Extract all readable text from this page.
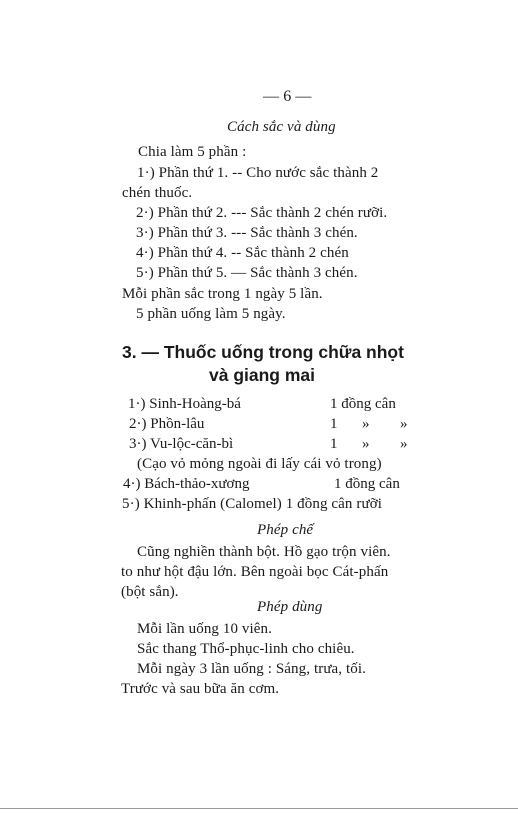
— 6 —
Cách sắc và dùng
Chia làm 5 phần :
1·) Phần thứ 1. -- Cho nước sắc thành 2
chén thuốc.
2·) Phần thứ 2. --- Sắc thành 2 chén rưỡi.
3·) Phần thứ 3. --- Sắc thành 3 chén.
4·) Phần thứ 4. -- Sắc thành 2 chén
5·) Phần thứ 5. — Sắc thành 3 chén.
Mỗi phần sắc trong 1 ngày 5 lần.
5 phần uống làm 5 ngày.
3. — Thuốc uống trong chữa nhọt
và giang mai
1·) Sinh-Hoàng-bá	1 đồng cân
2·) Phồn-lâu	1 » »
3·) Vu-lộc-căn-bì	1 » »
(Cạo vỏ mỏng ngoài đi lấy cái vỏ trong)
4·) Bách-thảo-xương	1 đồng cân
5·) Khinh-phấn (Calomel) 1 đồng cân rưỡi
Phép chế
Cũng nghiền thành bột. Hồ gạo trộn viên.
to như hột đậu lớn. Bên ngoài bọc Cát-phấn
(bột sắn).
Phép dùng
Mỗi lần uống 10 viên.
Sắc thang Thổ-phục-linh cho chiêu.
Mỗi ngày 3 lần uống : Sáng, trưa, tối.
Trước và sau bữa ăn cơm.
